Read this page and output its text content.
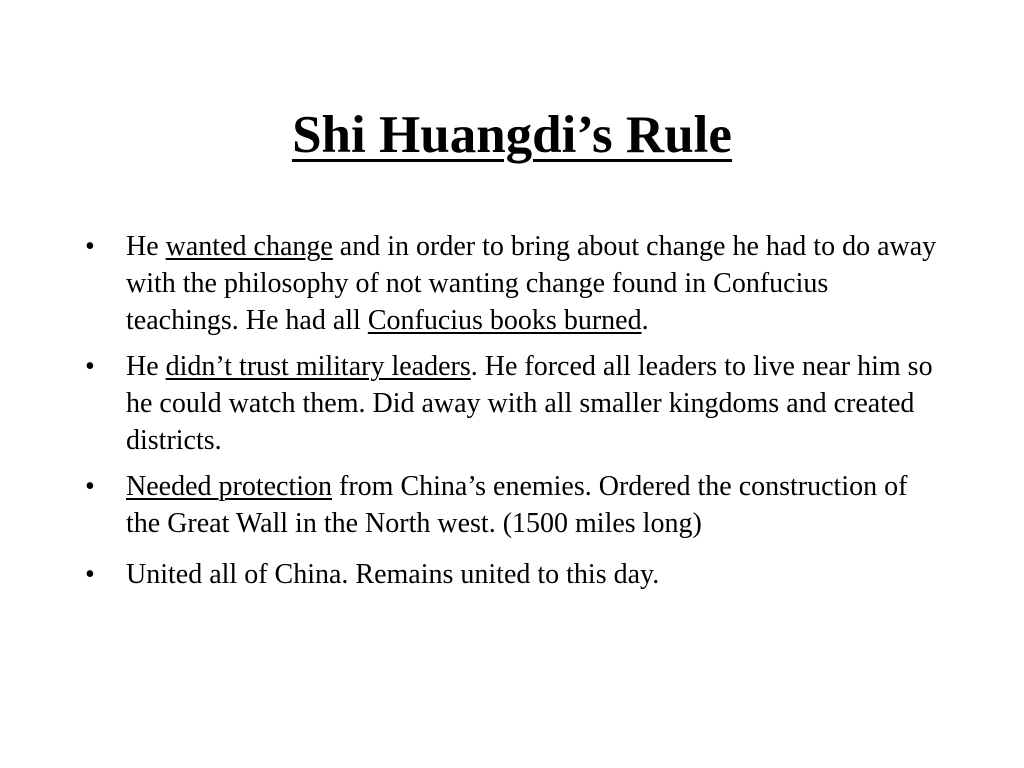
Shi Huangdi’s Rule
• He wanted change and in order to bring about change he had to do away with the philosophy of not wanting change found in Confucius teachings. He had all Confucius books burned.
• He didn’t trust military leaders. He forced all leaders to live near him so he could watch them. Did away with all smaller kingdoms and created districts.
• Needed protection from China’s enemies. Ordered the construction of the Great Wall in the North west. (1500 miles long)
• United all of China. Remains united to this day.
